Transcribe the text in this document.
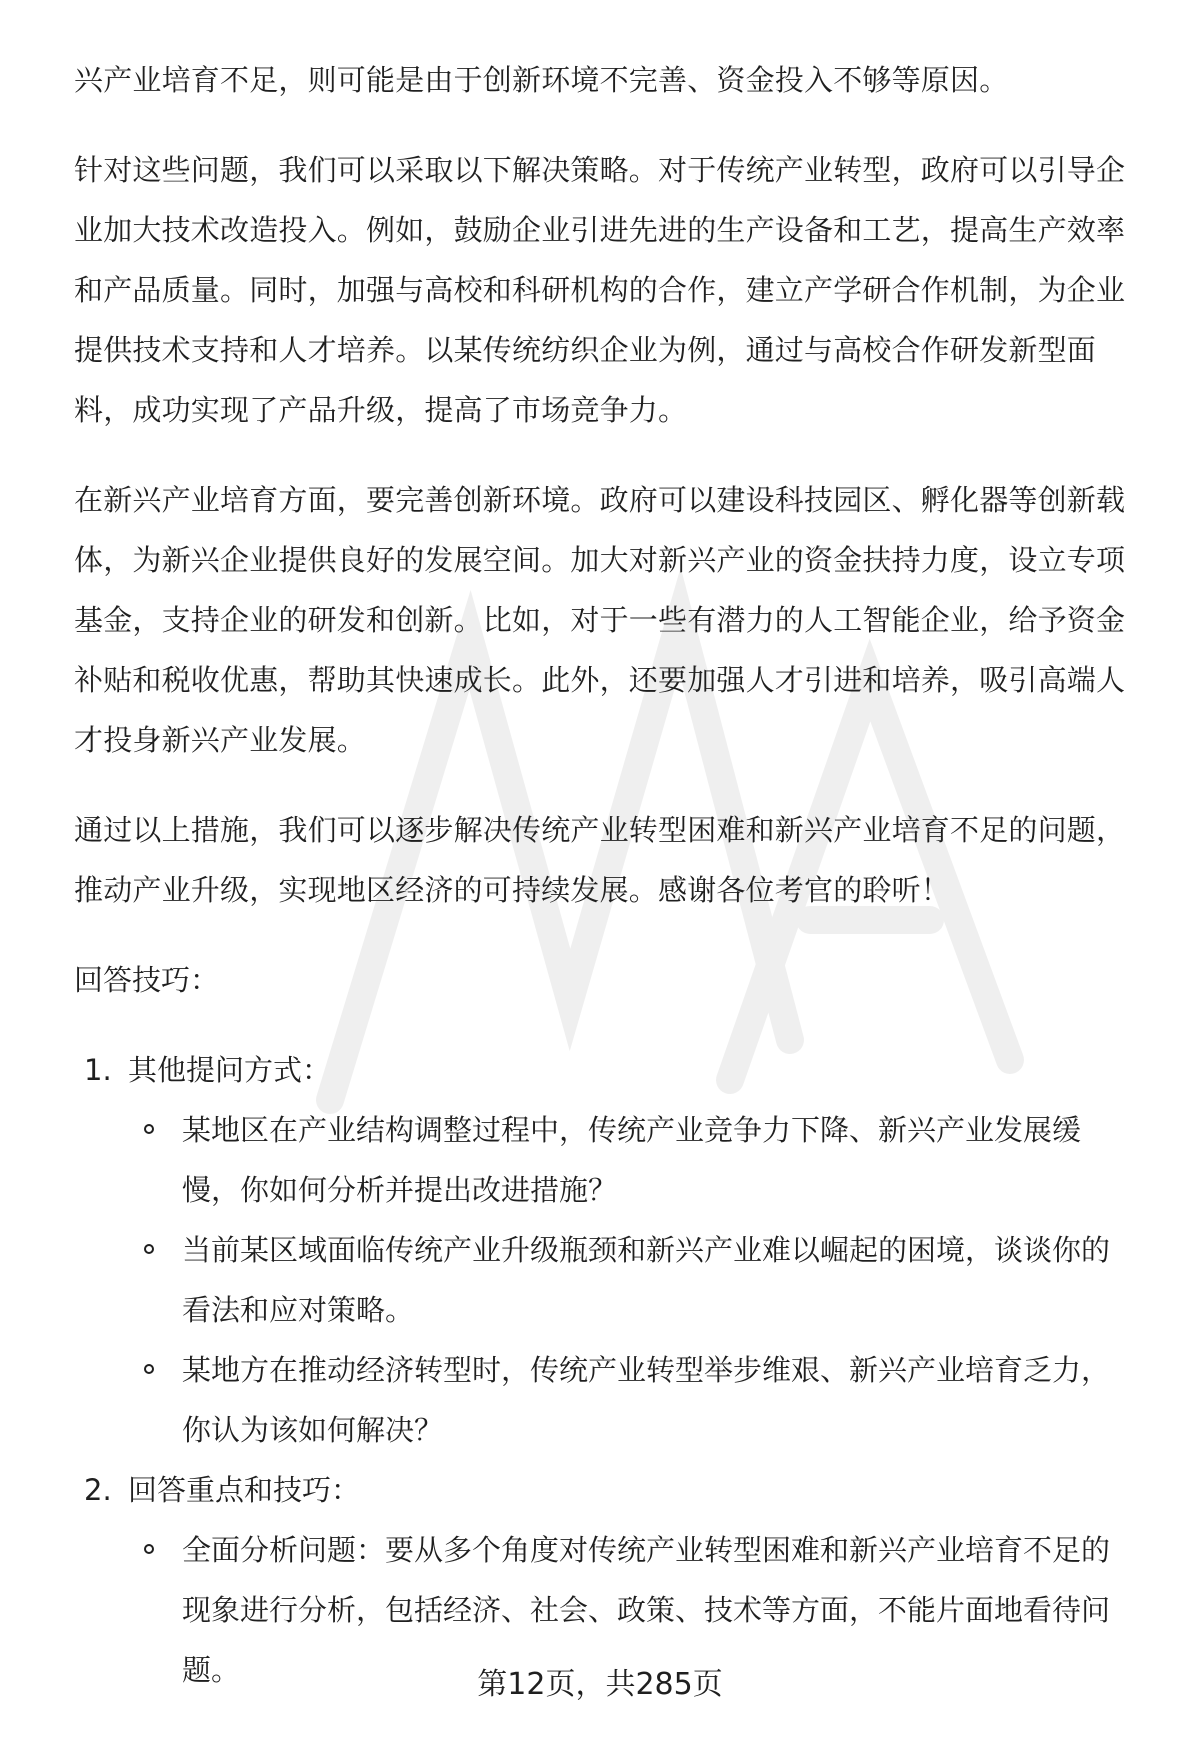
兴产业培育不足，则可能是由于创新环境不完善、资金投入不够等原因。

针对这些问题，我们可以采取以下解决策略。对于传统产业转型，政府可以引导企业加大技术改造投入。例如，鼓励企业引进先进的生产设备和工艺，提高生产效率和产品质量。同时，加强与高校和科研机构的合作，建立产学研合作机制，为企业提供技术支持和人才培养。以某传统纺织企业为例，通过与高校合作研发新型面料，成功实现了产品升级，提高了市场竞争力。

在新兴产业培育方面，要完善创新环境。政府可以建设科技园区、孵化器等创新载体，为新兴企业提供良好的发展空间。加大对新兴产业的资金扶持力度，设立专项基金，支持企业的研发和创新。比如，对于一些有潜力的人工智能企业，给予资金补贴和税收优惠，帮助其快速成长。此外，还要加强人才引进和培养，吸引高端人才投身新兴产业发展。

通过以上措施，我们可以逐步解决传统产业转型困难和新兴产业培育不足的问题，推动产业升级，实现地区经济的可持续发展。感谢各位考官的聆听！

回答技巧：
1. 其他提问方式：
某地区在产业结构调整过程中，传统产业竞争力下降、新兴产业发展缓慢，你如何分析并提出改进措施？
当前某区域面临传统产业升级瓶颈和新兴产业难以崛起的困境，谈谈你的看法和应对策略。
某地方在推动经济转型时，传统产业转型举步维艰、新兴产业培育乏力，你认为该如何解决？
2. 回答重点和技巧：
全面分析问题：要从多个角度对传统产业转型困难和新兴产业培育不足的现象进行分析，包括经济、社会、政策、技术等方面，不能片面地看待问题。	第12页，共285页
